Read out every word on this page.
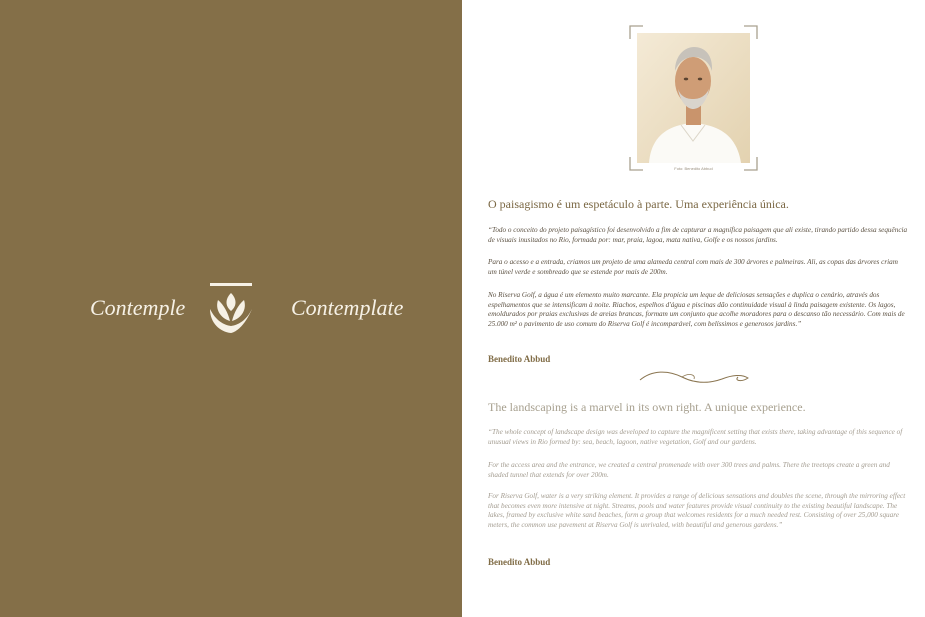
Contemple	Contemplate
Foto: Benedito Abbud
O paisagismo é um espetáculo à parte. Uma experiência única.

“Todo o conceito do projeto paisagístico foi desenvolvido a fim de capturar a magnífica paisagem que ali existe, tirando partido dessa sequência de visuais inusitados no Rio, formada por: mar, praia, lagoa, mata nativa, Golfe e os nossos jardins.

Para o acesso e a entrada, criamos um projeto de uma alameda central com mais de 300 árvores e palmeiras. Ali, as copas das árvores criam um túnel verde e sombreado que se estende por mais de 200m.

No Riserva Golf, a água é um elemento muito marcante. Ela propicia um leque de deliciosas sensações e duplica o cenário, através dos espelhamentos que se intensificam à noite. Riachos, espelhos d'água e piscinas dão continuidade visual à linda paisagem existente. Os lagos, emoldurados por praias exclusivas de areias brancas, formam um conjunto que acolhe moradores para o descanso tão necessário. Com mais de 25.000 m² o pavimento de uso comum do Riserva Golf é incomparável, com belíssimos e generosos jardins.”

Benedito Abbud
The landscaping is a marvel in its own right. A unique experience.

“The whole concept of landscape design was developed to capture the magnificent setting that exists there, taking advantage of this sequence of unusual views in Rio formed by: sea, beach, lagoon, native vegetation, Golf and our gardens.

For the access area and the entrance, we created a central promenade with over 300 trees and palms. There the treetops create a green and shaded tunnel that extends for over 200m.

For Riserva Golf, water is a very striking element. It provides a range of delicious sensations and doubles the scene, through the mirroring effect that becomes even more intensive at night. Streams, pools and water features provide visual continuity to the existing beautiful landscape. The lakes, framed by exclusive white sand beaches, form a group that welcomes residents for a much needed rest. Consisting of over 25,000 square meters, the common use pavement at Riserva Golf is unrivaled, with beautiful and generous gardens.”

Benedito Abbud
